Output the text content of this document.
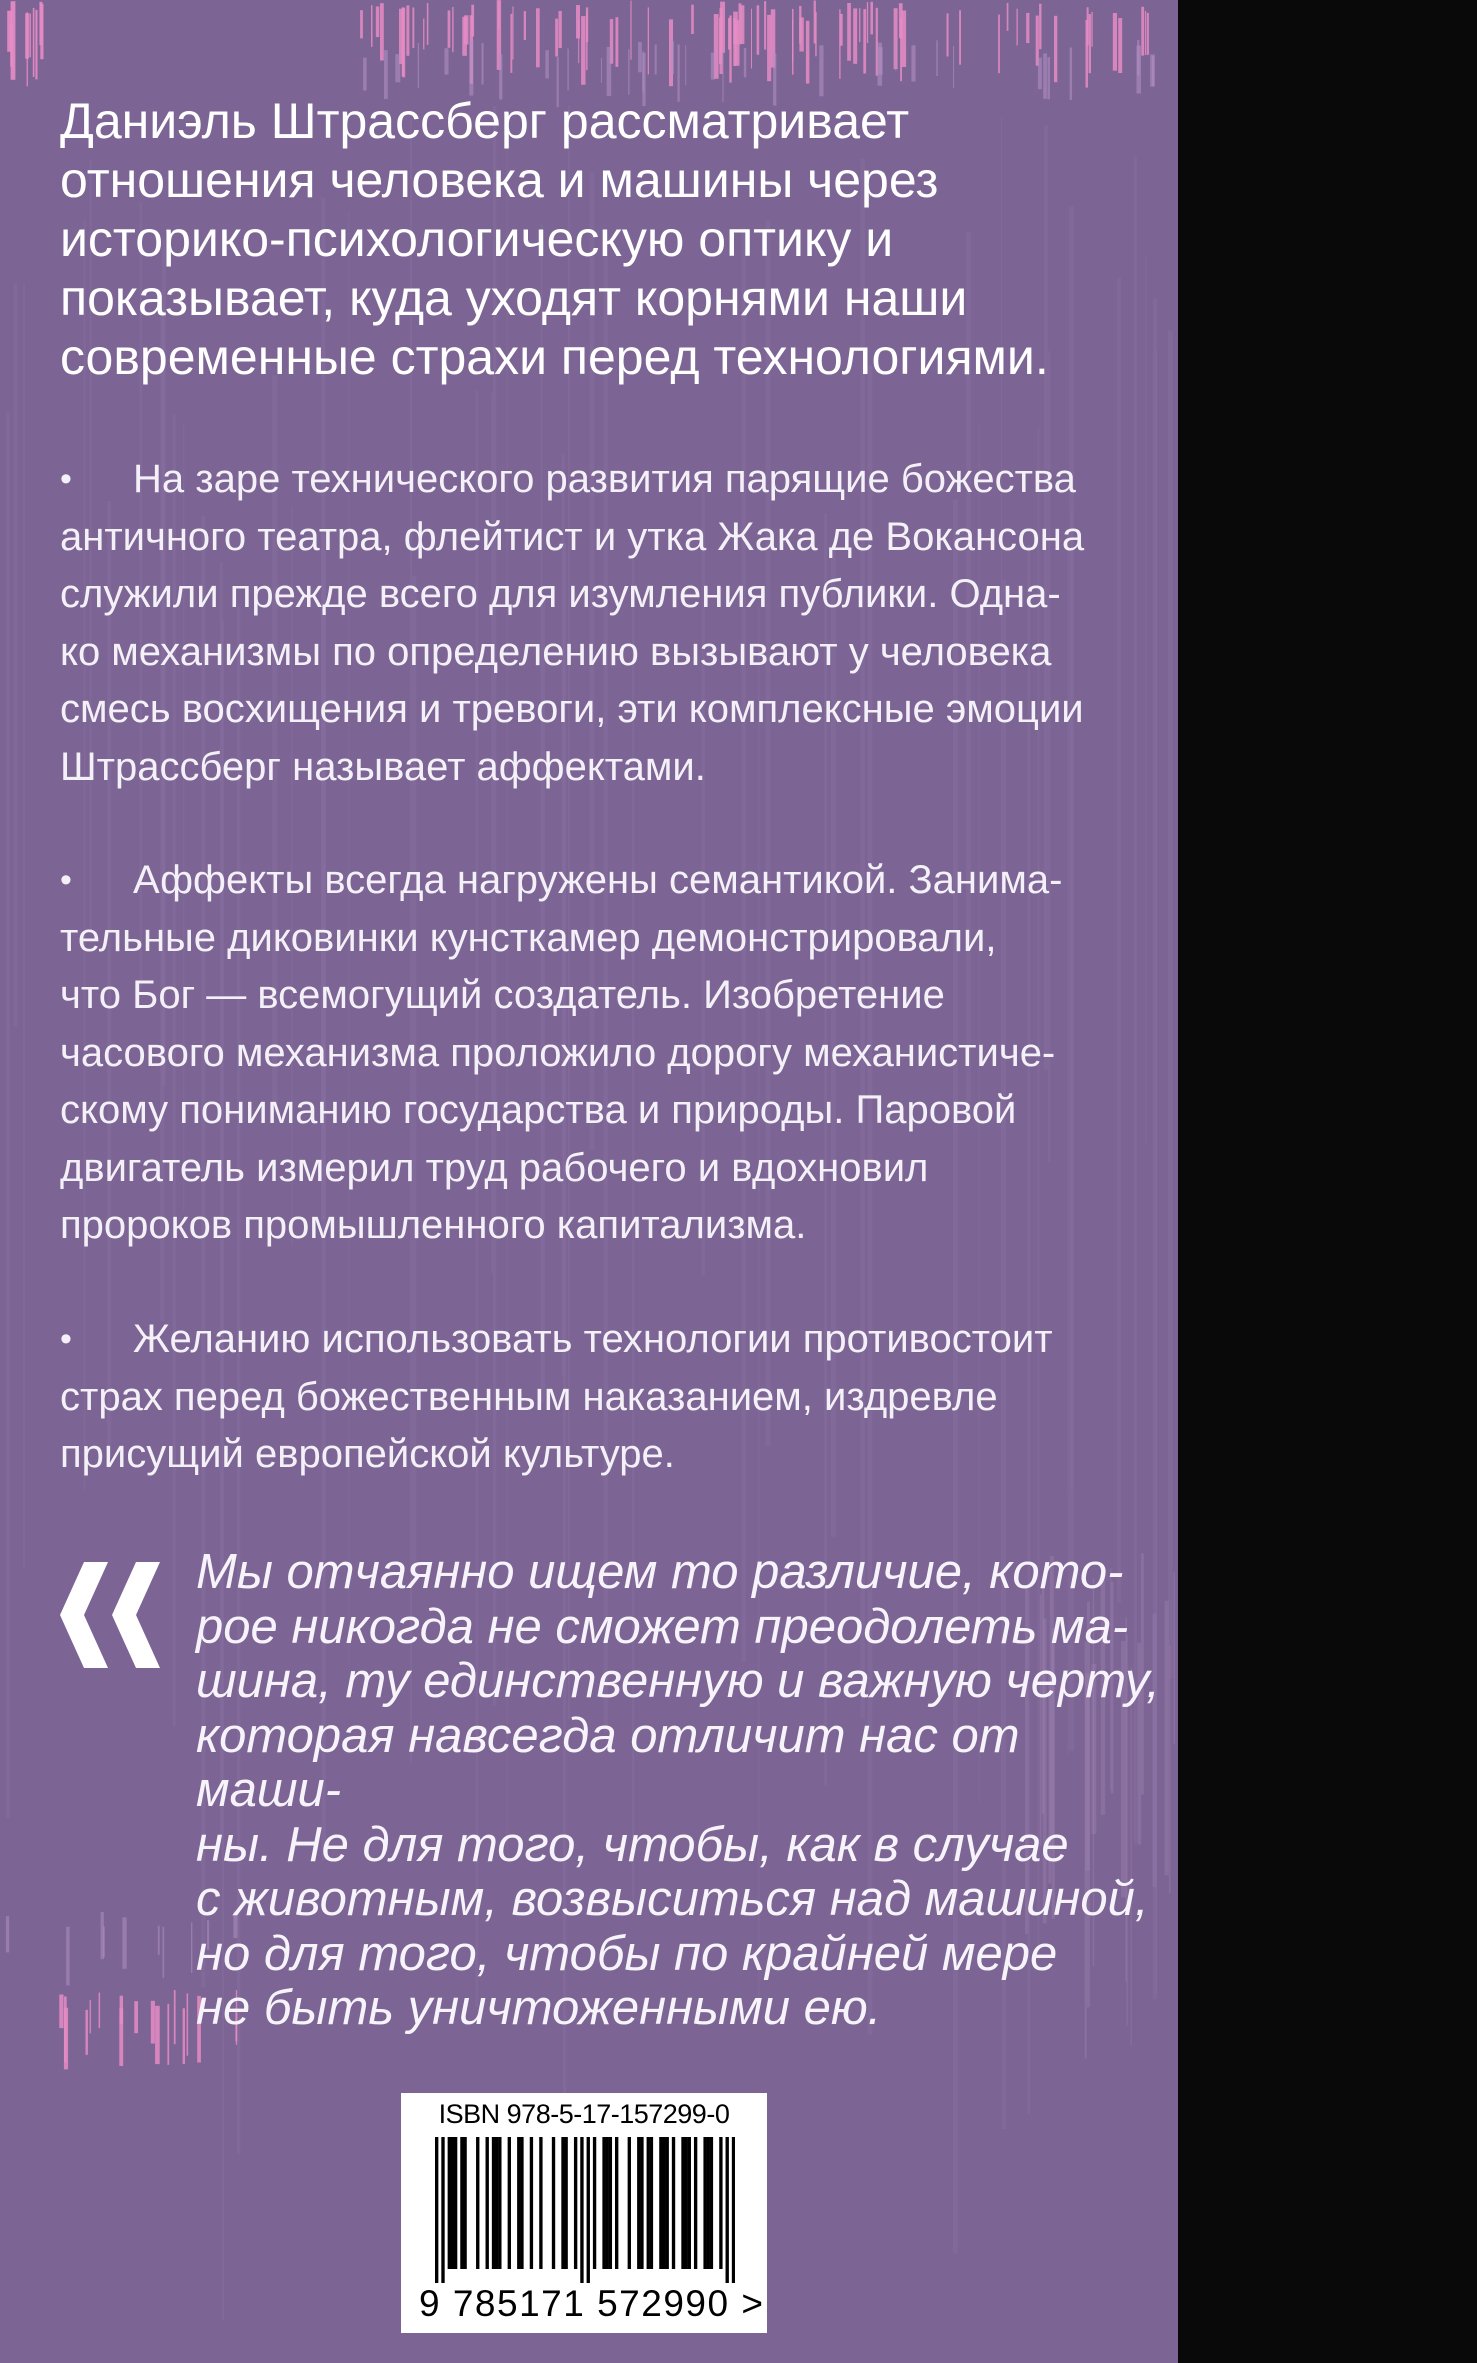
Даниэль Штрассберг рассматривает отношения человека и машины через историко-психологическую оптику и показывает, куда уходят корнями наши современные страхи перед технологиями.
• На заре технического развития парящие божества
античного театра, флейтист и утка Жака де Вокансона
служили прежде всего для изумления публики. Одна-
ко механизмы по определению вызывают у человека
смесь восхищения и тревоги, эти комплексные эмоции
Штрассберг называет аффектами.
• Аффекты всегда нагружены семантикой. Занима-
тельные диковинки кунсткамер демонстрировали,
что Бог — всемогущий создатель. Изобретение
часового механизма проложило дорогу механистиче-
скому пониманию государства и природы. Паровой
двигатель измерил труд рабочего и вдохновил
пророков промышленного капитализма.
• Желанию использовать технологии противостоит
страх перед божественным наказанием, издревле
присущий европейской культуре.
Мы отчаянно ищем то различие, кото-
рое никогда не сможет преодолеть ма-
шина, ту единственную и важную черту,
которая навсегда отличит нас от маши-
ны. Не для того, чтобы, как в случае
с животным, возвыситься над машиной,
но для того, чтобы по крайней мере
не быть уничтоженными ею.
ISBN 978-5-17-157299-0
9 785171 572990 >
